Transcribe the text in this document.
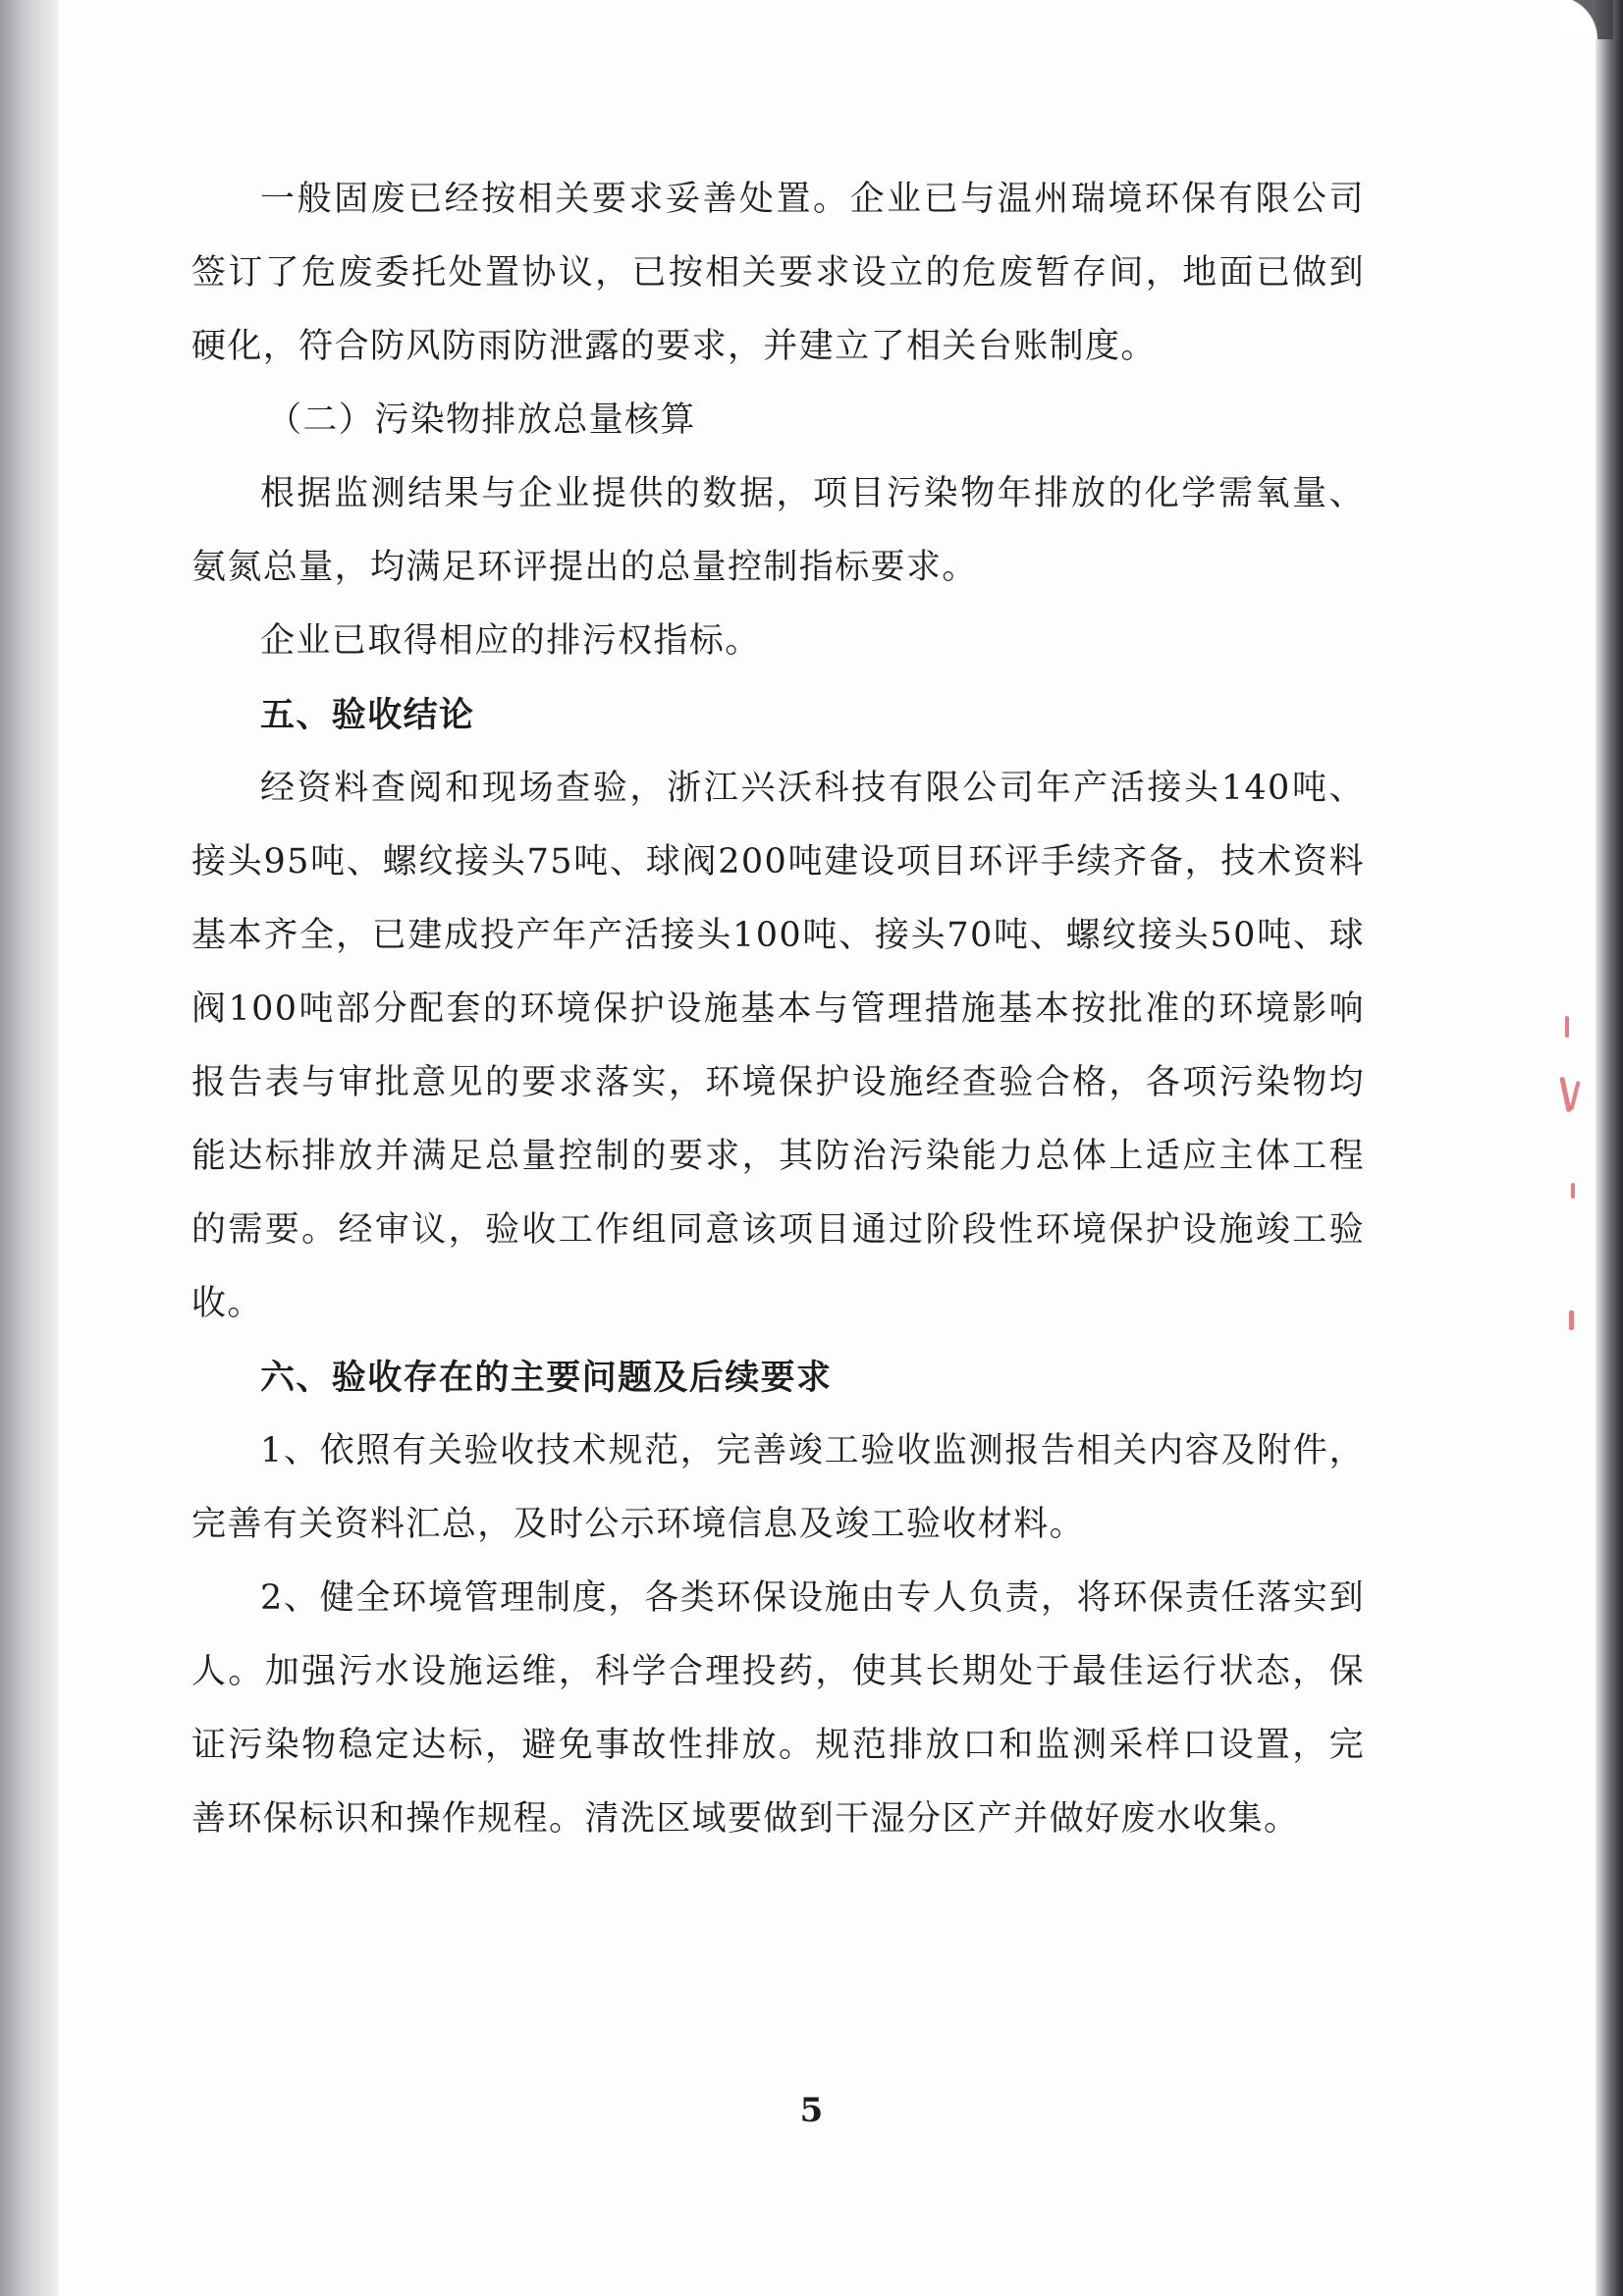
一般固废已经按相关要求妥善处置。企业已与温州瑞境环保有限公司签订了危废委托处置协议，已按相关要求设立的危废暂存间，地面已做到硬化，符合防风防雨防泄露的要求，并建立了相关台账制度。

（二）污染物排放总量核算

根据监测结果与企业提供的数据，项目污染物年排放的化学需氧量、氨氮总量，均满足环评提出的总量控制指标要求。

企业已取得相应的排污权指标。

五、验收结论

经资料查阅和现场查验，浙江兴沃科技有限公司年产活接头140吨、接头95吨、螺纹接头75吨、球阀200吨建设项目环评手续齐备，技术资料基本齐全，已建成投产年产活接头100吨、接头70吨、螺纹接头50吨、球阀100吨部分配套的环境保护设施基本与管理措施基本按批准的环境影响报告表与审批意见的要求落实，环境保护设施经查验合格，各项污染物均能达标排放并满足总量控制的要求，其防治污染能力总体上适应主体工程的需要。经审议，验收工作组同意该项目通过阶段性环境保护设施竣工验收。

六、验收存在的主要问题及后续要求

1、依照有关验收技术规范，完善竣工验收监测报告相关内容及附件，完善有关资料汇总，及时公示环境信息及竣工验收材料。

2、健全环境管理制度，各类环保设施由专人负责，将环保责任落实到人。加强污水设施运维，科学合理投药，使其长期处于最佳运行状态，保证污染物稳定达标，避免事故性排放。规范排放口和监测采样口设置，完善环保标识和操作规程。清洗区域要做到干湿分区产并做好废水收集。

5
